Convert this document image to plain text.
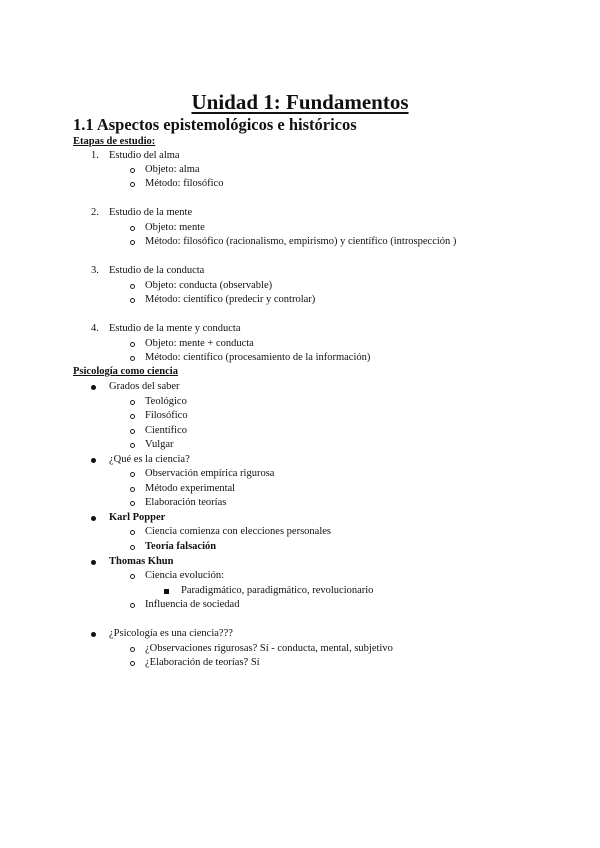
Unidad 1: Fundamentos
1.1 Aspectos epistemológicos e históricos
Etapas de estudio:
1. Estudio del alma
Objeto: alma
Método: filosófico
2. Estudio de la mente
Objeto: mente
Método: filosófico (racionalismo, empirismo) y científico (introspección )
3. Estudio de la conducta
Objeto: conducta (observable)
Método: científico (predecir y controlar)
4. Estudio de la mente y conducta
Objeto: mente + conducta
Método: científico (procesamiento de la información)
Psicología como ciencia
Grados del saber
Teológico
Filosófico
Científico
Vulgar
¿Qué es la ciencia?
Observación empírica rigurosa
Método experimental
Elaboración teorías
Karl Popper
Ciencia comienza con elecciones personales
Teoría falsación
Thomas Khun
Ciencia evolución:
Paradigmático, paradigmático, revolucionario
Influencia de sociedad
¿Psicología es una ciencia???
¿Observaciones rigurosas? Sí - conducta, mental, subjetivo
¿Elaboración de teorías? Sí
